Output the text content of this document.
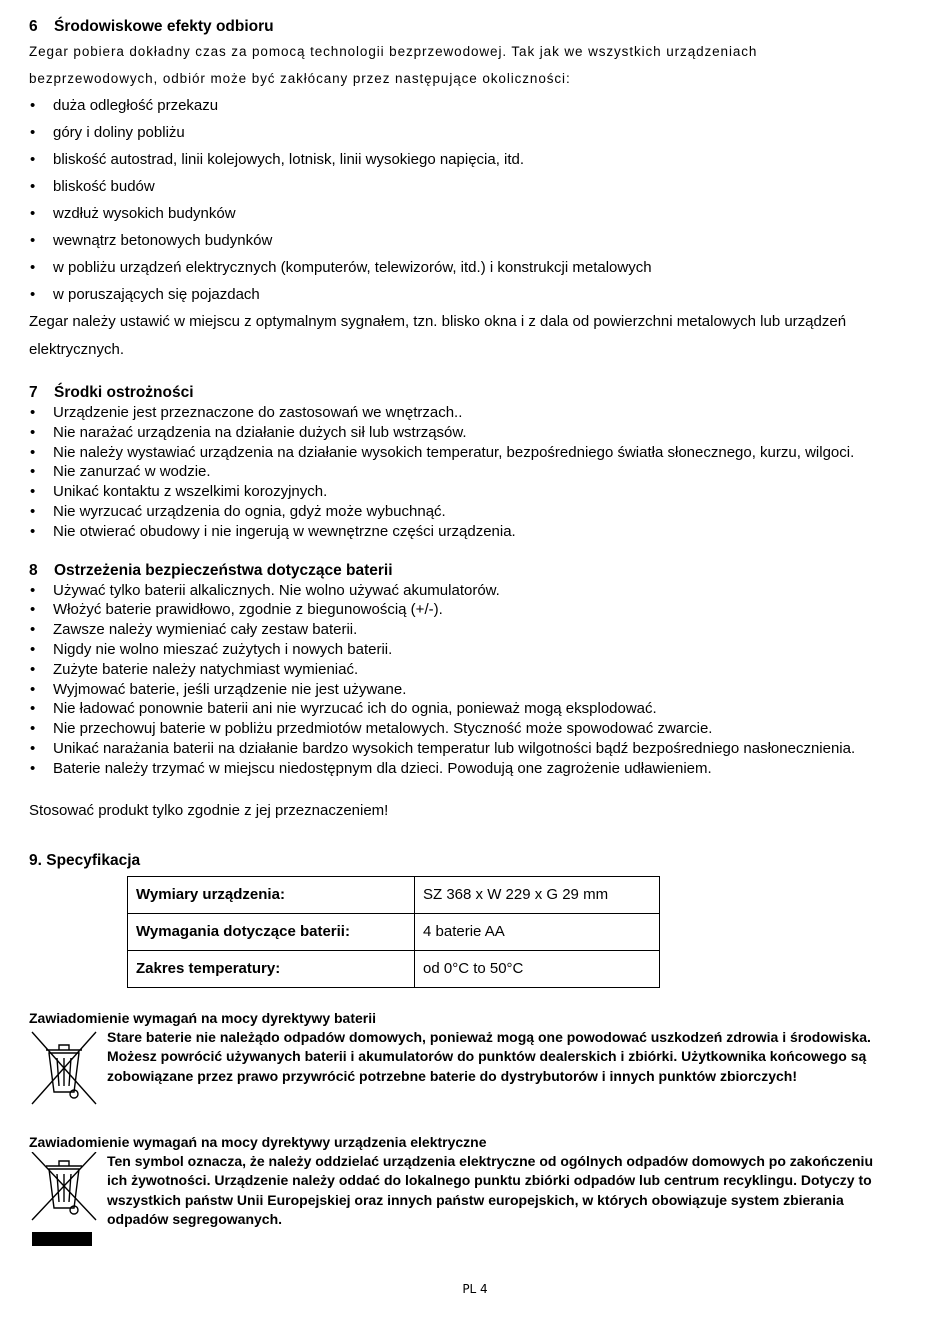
6 Środowiskowe efekty odbioru

Zegar pobiera dokładny czas za pomocą technologii bezprzewodowej. Tak jak we wszystkich urządzeniach

bezprzewodowych, odbiór może być zakłócany przez następujące okoliczności:

• duża odległość przekazu
• góry i doliny pobliżu
• bliskość autostrad, linii kolejowych, lotnisk, linii wysokiego napięcia, itd.
• bliskość budów
• wzdłuż wysokich budynków
• wewnątrz betonowych budynków
• w pobliżu urządzeń elektrycznych (komputerów, telewizorów, itd.) i konstrukcji metalowych
• w poruszających się pojazdach

Zegar należy ustawić w miejscu z optymalnym sygnałem, tzn. blisko okna i z dala od powierzchni metalowych lub urządzeń elektrycznych.

7 Środki ostrożności
• Urządzenie jest przeznaczone do zastosowań we wnętrzach..
• Nie narażać urządzenia na działanie dużych sił lub wstrząsów.
• Nie należy wystawiać urządzenia na działanie wysokich temperatur, bezpośredniego światła słonecznego, kurzu, wilgoci.
• Nie zanurzać w wodzie.
• Unikać kontaktu z wszelkimi korozyjnych.
• Nie wyrzucać urządzenia do ognia, gdyż może wybuchnąć.
• Nie otwierać obudowy i nie ingerują w wewnętrzne części urządzenia.
8 Ostrzeżenia bezpieczeństwa dotyczące baterii
• Używać tylko baterii alkalicznych. Nie wolno używać akumulatorów.
• Włożyć baterie prawidłowo, zgodnie z biegunowością (+/-).
• Zawsze należy wymieniać cały zestaw baterii.
• Nigdy nie wolno mieszać zużytych i nowych baterii.
• Zużyte baterie należy natychmiast wymieniać.
• Wyjmować baterie, jeśli urządzenie nie jest używane.
• Nie ładować ponownie baterii ani nie wyrzucać ich do ognia, ponieważ mogą eksplodować.
• Nie przechowuj baterie w pobliżu przedmiotów metalowych. Styczność może spowodować zwarcie.
• Unikać narażania baterii na działanie bardzo wysokich temperatur lub wilgotności bądź bezpośredniego nasłonecznienia.
• Baterie należy trzymać w miejscu niedostępnym dla dzieci. Powodują one zagrożenie udławieniem.

Stosować produkt tylko zgodnie z jej przeznaczeniem!

9. Specyfikacja
Wymiary urządzenia:	SZ 368 x W 229 x G 29 mm
Wymagania dotyczące baterii:	4 baterie AA
Zakres temperatury:	od 0°C to 50°C
Zawiadomienie wymagań na mocy dyrektywy baterii

Stare baterie nie należądo odpadów domowych, ponieważ mogą one powodować uszkodzeń zdrowia i środowiska. Możesz powrócić używanych baterii i akumulatorów do punktów dealerskich i zbiórki. Użytkownika końcowego są zobowiązane przez prawo przywrócić potrzebne baterie do dystrybutorów i innych punktów zbiorczych!

Zawiadomienie wymagań na mocy dyrektywy urządzenia elektryczne

Ten symbol oznacza, że należy oddzielać urządzenia elektryczne od ogólnych odpadów domowych po zakończeniu ich żywotności. Urządzenie należy oddać do lokalnego punktu zbiórki odpadów lub centrum recyklingu. Dotyczy to wszystkich państw Unii Europejskiej oraz innych państw europejskich, w których obowiązuje system zbierania odpadów segregowanych.

PL 4
